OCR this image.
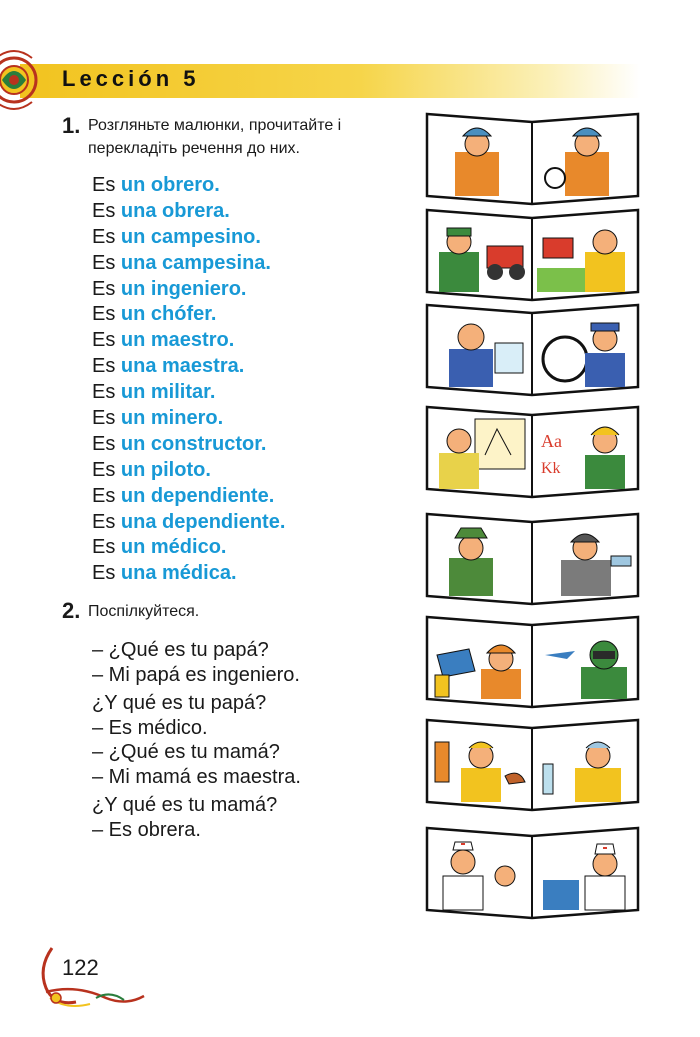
Lección 5
1. Розгляньте малюнки, прочитайте і
перекладіть речення до них.
Es un obrero.
Es una obrera.
Es un campesino.
Es una campesina.
Es un ingeniero.
Es un chófer.
Es un maestro.
Es una maestra.
Es un militar.
Es un minero.
Es un constructor.
Es un piloto.
Es un dependiente.
Es una dependiente.
Es un médico.
Es una médica.
2. Поспілкуйтеся.
– ¿Qué es tu papá?
– Mi papá es ingeniero.
¿Y qué es tu papá?
– Es médico.
– ¿Qué es tu mamá?
– Mi mamá es maestra.
¿Y qué es tu mamá?
– Es obrera.
122
Aa
Kk
